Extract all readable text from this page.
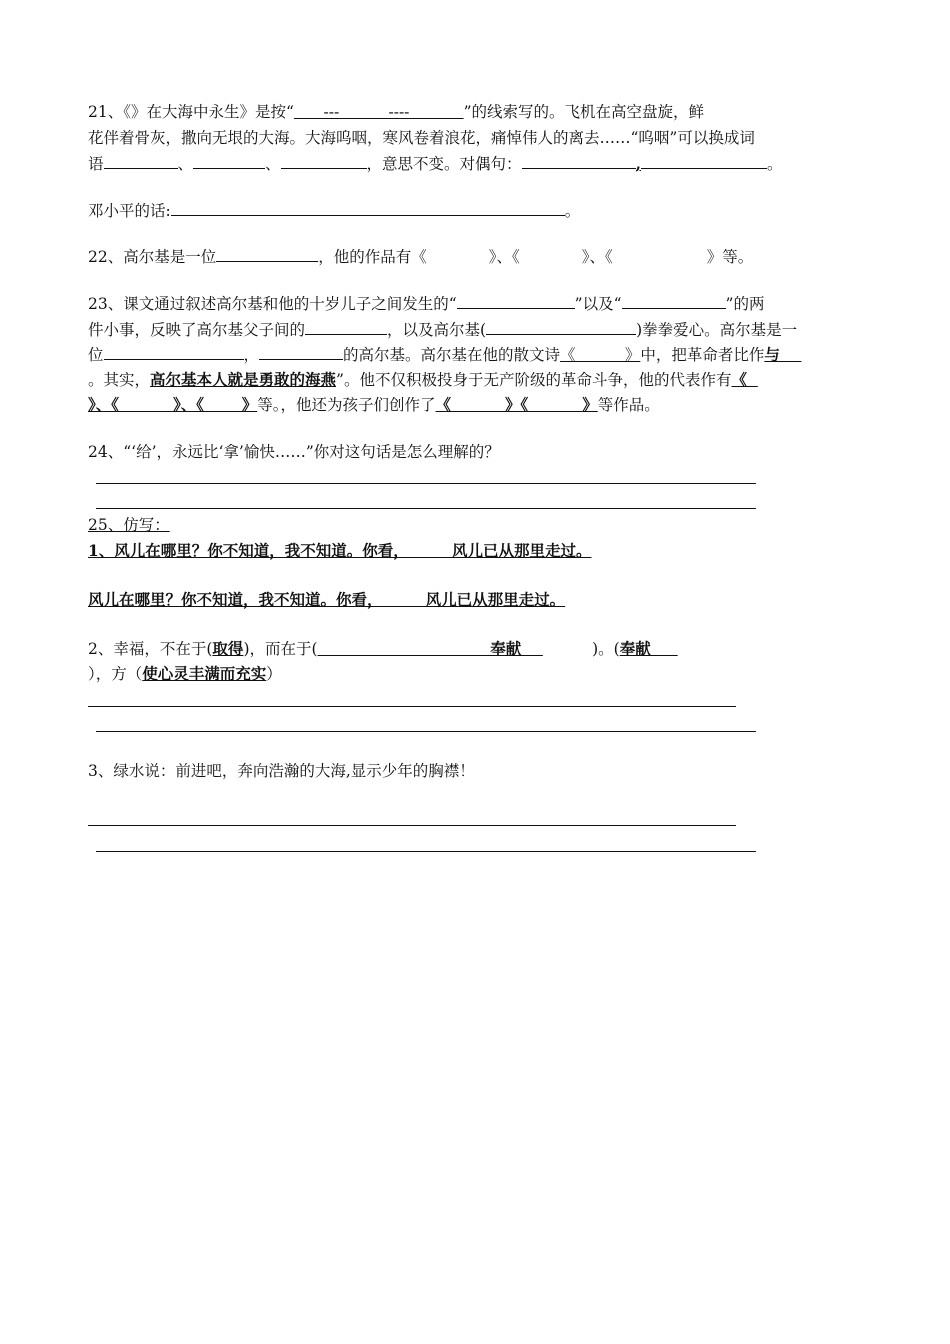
21、《》在大海中永生》是按“ ---	----	”的线索写的。飞机在高空盘旋，鲜
花伴着骨灰，撒向无垠的大海。大海呜咽，寒风卷着浪花，痛悼伟人的离去……“呜咽”可以换成词
语	、	、	，意思不变。对偶句：	,	。
邓小平的话:	。
22、高尔基是一位	，他的作品有《	》、《	》、《	》等。
23、课文通过叙述高尔基和他的十岁儿子之间发生的“	”以及“	”的两
件小事，反映了高尔基父子间的	，以及高尔基(	)拳拳爱心。高尔基是一
位	，	的高尔基。高尔基在他的散文诗《          》中，把革命者比作与
。其实，高尔基本人就是勇敢的海燕”。他不仅积极投身于无产阶级的革命斗争，他的代表作有《
》、《          》、《       》等。，他还为孩子们创作了《          》《          》等作品。
24、“‘给’，永远比‘拿’愉快……”你对这句话是怎么理解的？
25、仿写：
1、风儿在哪里？你不知道，我不知道。你看，        风儿已从那里走过。
风儿在哪里？你不知道，我不知道。你看，        风儿已从那里走过。
2、幸福，不在于(取得)，而在于(                                奉献              )。(奉献
），方（使心灵丰满而充实）
3、绿水说：前进吧，奔向浩瀚的大海,显示少年的胸襟！
